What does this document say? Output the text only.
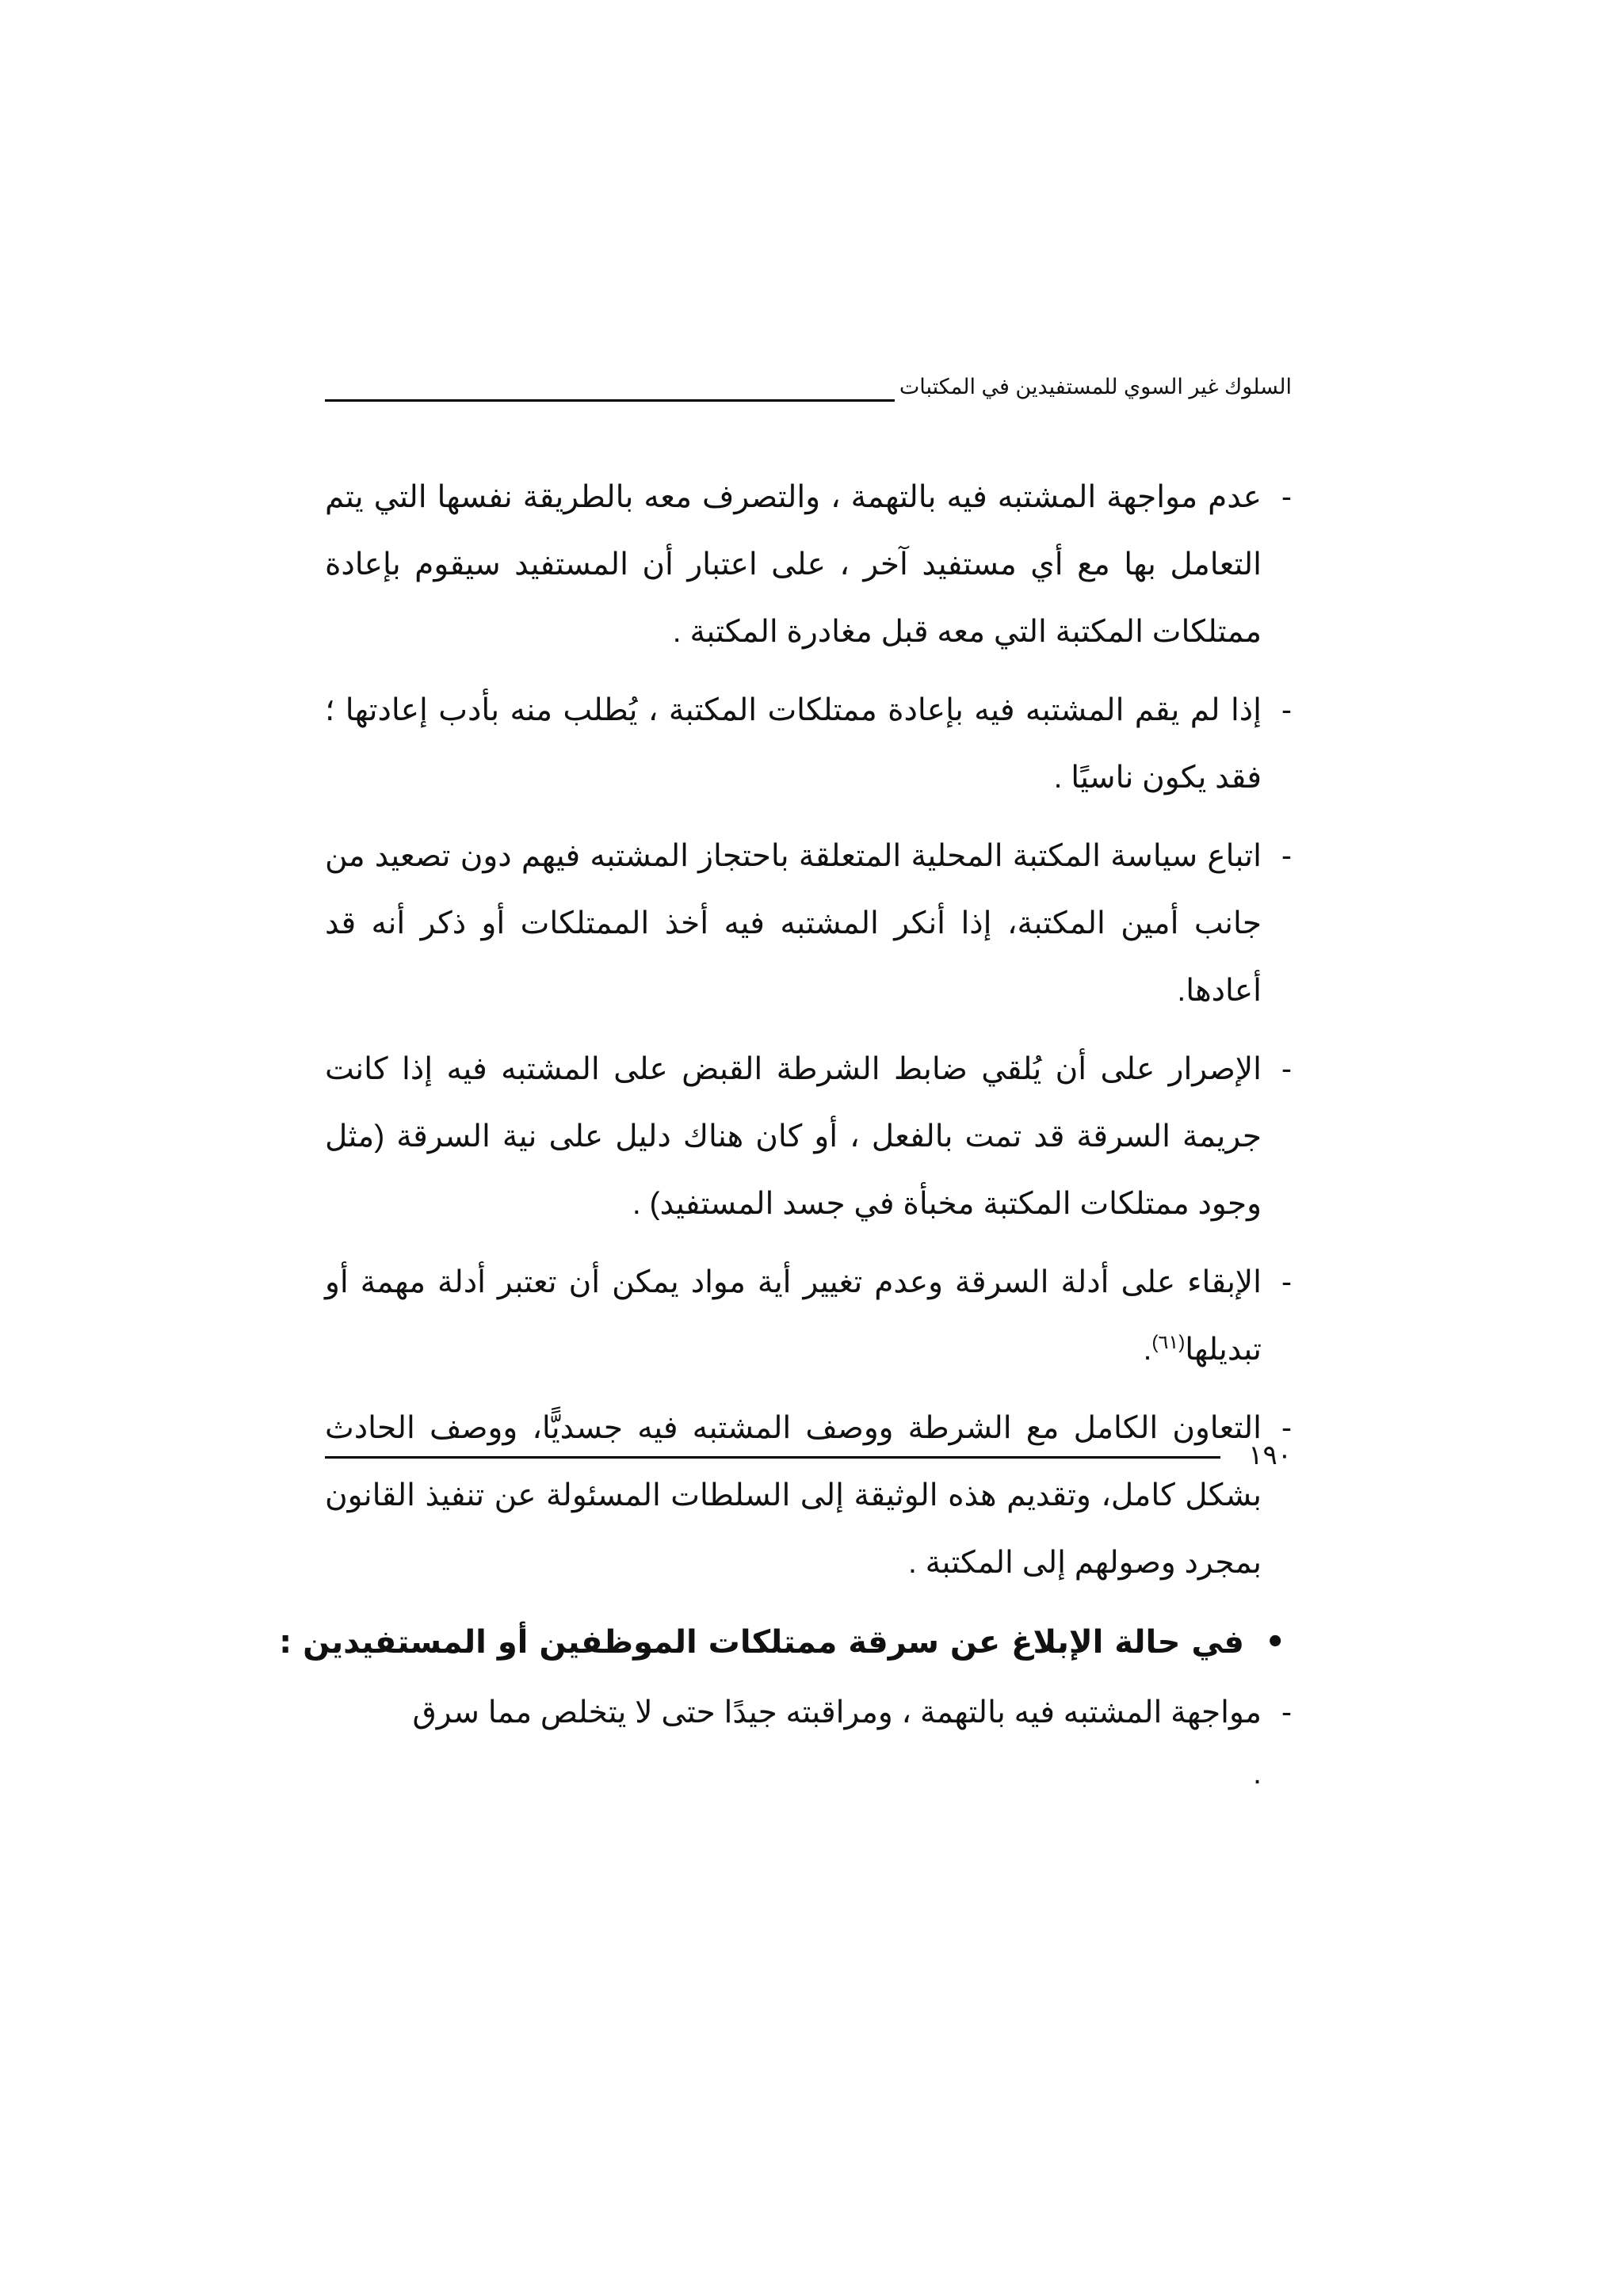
السلوك غير السوي للمستفيدين في المكتبات

-
عدم مواجهة المشتبه فيه بالتهمة ، والتصرف معه بالطريقة نفسها التي يتم التعامل بها مع أي مستفيد آخر ، على اعتبار أن المستفيد سيقوم بإعادة ممتلكات المكتبة التي معه قبل مغادرة المكتبة .

-
إذا لم يقم المشتبه فيه بإعادة ممتلكات المكتبة ، يُطلب منه بأدب إعادتها ؛ فقد يكون ناسيًا .

-
اتباع سياسة المكتبة المحلية المتعلقة باحتجاز المشتبه فيهم دون تصعيد من جانب أمين المكتبة، إذا أنكر المشتبه فيه أخذ الممتلكات أو ذكر أنه قد أعادها.

-
الإصرار على أن يُلقي ضابط الشرطة القبض على المشتبه فيه إذا كانت جريمة السرقة قد تمت بالفعل ، أو كان هناك دليل على نية السرقة (مثل وجود ممتلكات المكتبة مخبأة في جسد المستفيد) .

-
الإبقاء على أدلة السرقة وعدم تغيير أية مواد يمكن أن تعتبر أدلة مهمة أو تبديلها$^{(٦١)}$.

-
التعاون الكامل مع الشرطة ووصف المشتبه فيه جسديًّا، ووصف الحادث بشكل كامل، وتقديم هذه الوثيقة إلى السلطات المسئولة عن تنفيذ القانون بمجرد وصولهم إلى المكتبة .

•
في حالة الإبلاغ عن سرقة ممتلكات الموظفين أو المستفيدين :

-
مواجهة المشتبه فيه بالتهمة ، ومراقبته جيدًا حتى لا يتخلص مما سرق
.

١٩٠
